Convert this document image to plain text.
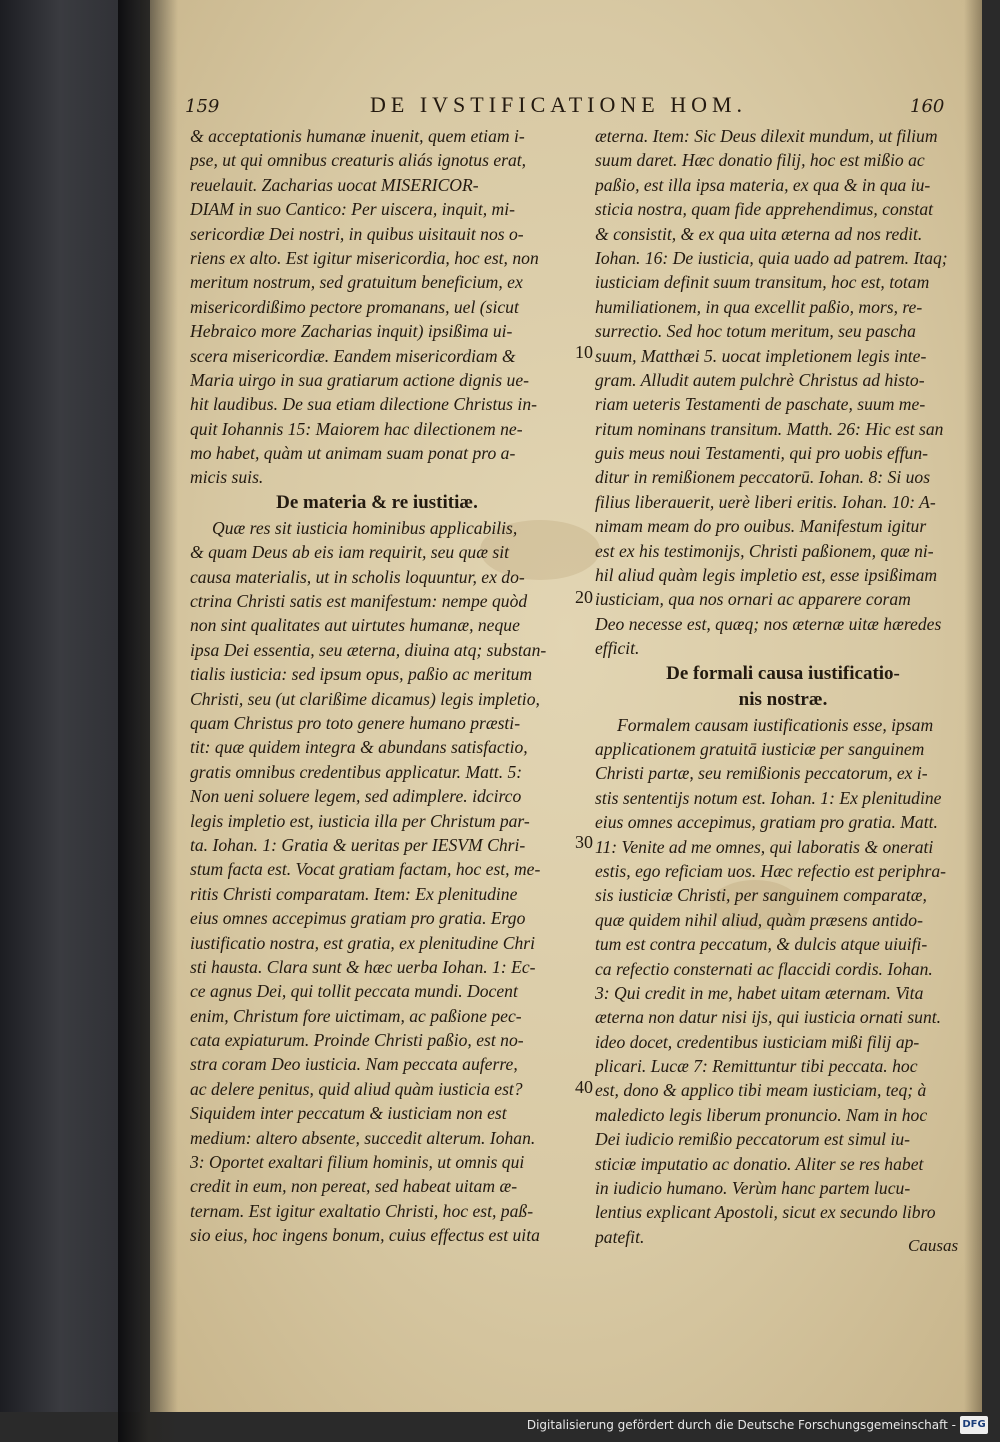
159	DE IVSTIFICATIONE HOM.	160
& acceptationis humanæ inuenit, quem etiam i-
pse, ut qui omnibus creaturis aliás ignotus erat,
reuelauit. Zacharias uocat MISERICOR-
DIAM in suo Cantico: Per uiscera, inquit, mi-
sericordiæ Dei nostri, in quibus uisitauit nos o-
riens ex alto. Est igitur misericordia, hoc est, non
meritum nostrum, sed gratuitum beneficium, ex
misericordißimo pectore promanans, uel (sicut
Hebraico more Zacharias inquit) ipsißima ui-
scera misericordiæ. Eandem misericordiam &
Maria uirgo in sua gratiarum actione dignis ue-
hit laudibus. De sua etiam dilectione Christus in-
quit Iohannis 15: Maiorem hac dilectionem ne-
mo habet, quàm ut animam suam ponat pro a-
micis suis.
De materia & re iustitiæ.
Quæ res sit iusticia hominibus applicabilis,
& quam Deus ab eis iam requirit, seu quæ sit
causa materialis, ut in scholis loquuntur, ex do-
ctrina Christi satis est manifestum: nempe quòd
non sint qualitates aut uirtutes humanæ, neque
ipsa Dei essentia, seu æterna, diuina atq; substan-
tialis iusticia: sed ipsum opus, paßio ac meritum
Christi, seu (ut clarißime dicamus) legis impletio,
quam Christus pro toto genere humano præsti-
tit: quæ quidem integra & abundans satisfactio,
gratis omnibus credentibus applicatur. Matt. 5:
Non ueni soluere legem, sed adimplere. idcirco
legis impletio est, iusticia illa per Christum par-
ta. Iohan. 1: Gratia & ueritas per IESVM Chri-
stum facta est. Vocat gratiam factam, hoc est, me-
ritis Christi comparatam. Item: Ex plenitudine
eius omnes accepimus gratiam pro gratia. Ergo
iustificatio nostra, est gratia, ex plenitudine Chri
sti hausta. Clara sunt & hæc uerba Iohan. 1: Ec-
ce agnus Dei, qui tollit peccata mundi. Docent
enim, Christum fore uictimam, ac paßione pec-
cata expiaturum. Proinde Christi paßio, est no-
stra coram Deo iusticia. Nam peccata auferre,
ac delere penitus, quid aliud quàm iusticia est?
Siquidem inter peccatum & iusticiam non est
medium: altero absente, succedit alterum. Iohan.
3: Oportet exaltari filium hominis, ut omnis qui
credit in eum, non pereat, sed habeat uitam æ-
ternam. Est igitur exaltatio Christi, hoc est, paß-
sio eius, hoc ingens bonum, cuius effectus est uita
æterna. Item: Sic Deus dilexit mundum, ut filium
suum daret. Hæc donatio filij, hoc est mißio ac
paßio, est illa ipsa materia, ex qua & in qua iu-
sticia nostra, quam fide apprehendimus, constat
& consistit, & ex qua uita æterna ad nos redit.
Iohan. 16: De iusticia, quia uado ad patrem. Itaq;
iusticiam definit suum transitum, hoc est, totam
humiliationem, in qua excellit paßio, mors, re-
surrectio. Sed hoc totum meritum, seu pascha
suum, Matthæi 5. uocat impletionem legis inte-
gram. Alludit autem pulchrè Christus ad histo-
riam ueteris Testamenti de paschate, suum me-
ritum nominans transitum. Matth. 26: Hic est san
guis meus noui Testamenti, qui pro uobis effun-
ditur in remißionem peccatorū. Iohan. 8: Si uos
filius liberauerit, uerè liberi eritis. Iohan. 10: A-
nimam meam do pro ouibus. Manifestum igitur
est ex his testimonijs, Christi paßionem, quæ ni-
hil aliud quàm legis impletio est, esse ipsißimam
iusticiam, qua nos ornari ac apparere coram
Deo necesse est, quæq; nos æternæ uitæ hæredes
efficit.
De formali causa iustificatio-
nis nostræ.
Formalem causam iustificationis esse, ipsam
applicationem gratuitā iusticiæ per sanguinem
Christi partæ, seu remißionis peccatorum, ex i-
stis sententijs notum est. Iohan. 1: Ex plenitudine
eius omnes accepimus, gratiam pro gratia. Matt.
11: Venite ad me omnes, qui laboratis & onerati
estis, ego reficiam uos. Hæc refectio est periphra-
sis iusticiæ Christi, per sanguinem comparatæ,
quæ quidem nihil aliud, quàm præsens antido-
tum est contra peccatum, & dulcis atque uiuifi-
ca refectio consternati ac flaccidi cordis. Iohan.
3: Qui credit in me, habet uitam æternam. Vita
æterna non datur nisi ijs, qui iusticia ornati sunt.
ideo docet, credentibus iusticiam mißi filij ap-
plicari. Lucæ 7: Remittuntur tibi peccata. hoc
est, dono & applico tibi meam iusticiam, teq; à
maledicto legis liberum pronuncio. Nam in hoc
Dei iudicio remißio peccatorum est simul iu-
sticiæ imputatio ac donatio. Aliter se res habet
in iudicio humano. Verùm hanc partem lucu-
lentius explicant Apostoli, sicut ex secundo libro
patefit.
10
20
30
40
Causas
Digitalisierung gefördert durch die Deutsche Forschungsgemeinschaft - DFG
